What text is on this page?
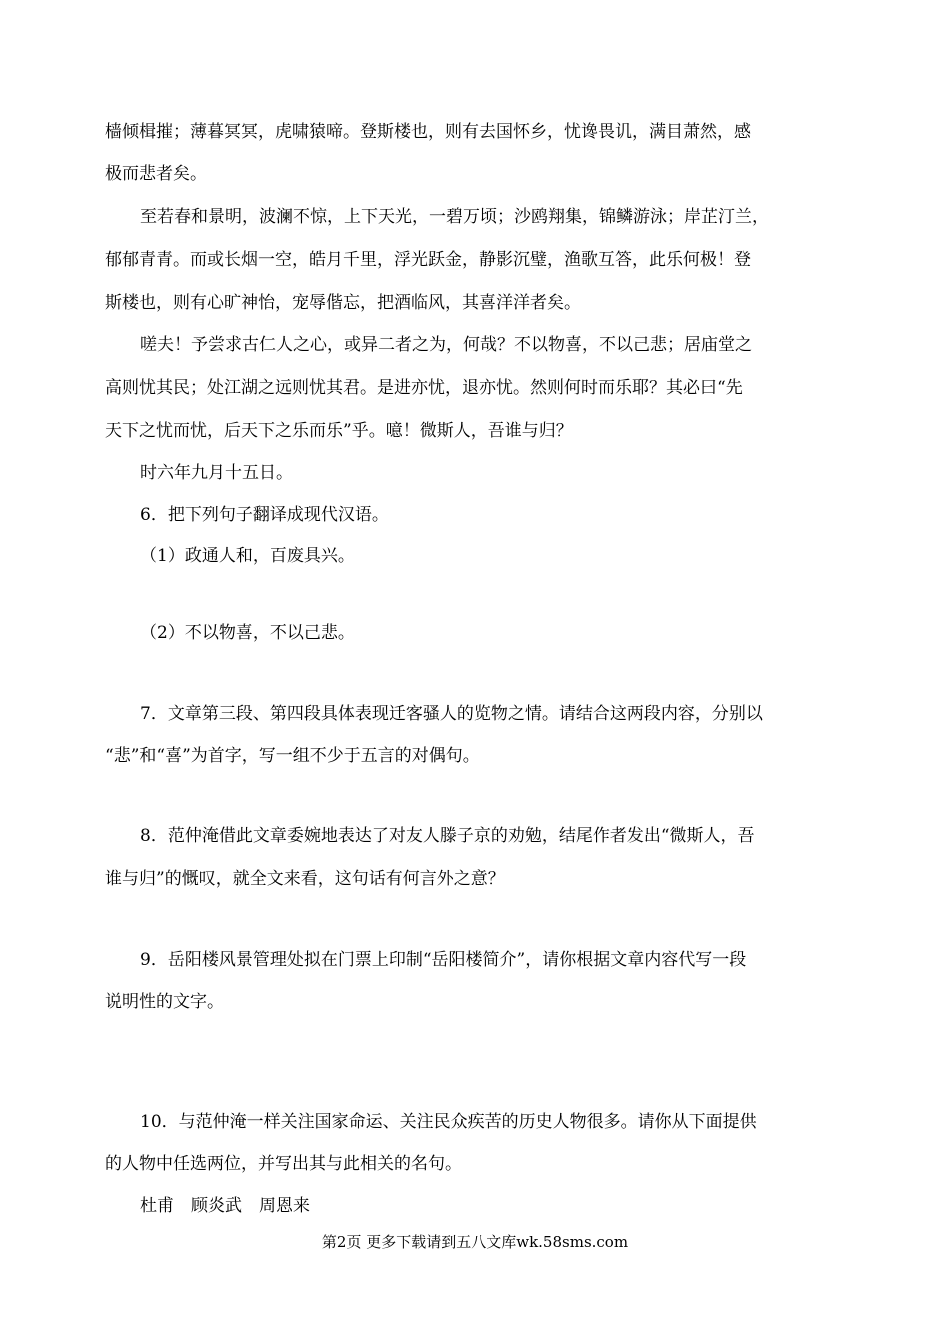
樯倾楫摧；薄暮冥冥，虎啸猿啼。登斯楼也，则有去国怀乡，忧谗畏讥，满目萧然，感
极而悲者矣。
至若春和景明，波澜不惊，上下天光，一碧万顷；沙鸥翔集，锦鳞游泳；岸芷汀兰，
郁郁青青。而或长烟一空，皓月千里，浮光跃金，静影沉璧，渔歌互答，此乐何极！登
斯楼也，则有心旷神怡，宠辱偕忘，把酒临风，其喜洋洋者矣。
嗟夫！予尝求古仁人之心，或异二者之为，何哉？不以物喜，不以己悲；居庙堂之
高则忧其民；处江湖之远则忧其君。是进亦忧，退亦忧。然则何时而乐耶？其必曰“先
天下之忧而忧，后天下之乐而乐”乎。噫！微斯人，吾谁与归？
时六年九月十五日。
6．把下列句子翻译成现代汉语。
（1）政通人和，百废具兴。
（2）不以物喜，不以己悲。
7．文章第三段、第四段具体表现迁客骚人的览物之情。请结合这两段内容，分别以
“悲”和“喜”为首字，写一组不少于五言的对偶句。
8．范仲淹借此文章委婉地表达了对友人滕子京的劝勉，结尾作者发出“微斯人，吾
谁与归”的慨叹，就全文来看，这句话有何言外之意？
9．岳阳楼风景管理处拟在门票上印制“岳阳楼简介”，请你根据文章内容代写一段
说明性的文字。
10．与范仲淹一样关注国家命运、关注民众疾苦的历史人物很多。请你从下面提供
的人物中任选两位，并写出其与此相关的名句。
杜甫　顾炎武　周恩来
第2页 更多下载请到五八文库wk.58sms.com
